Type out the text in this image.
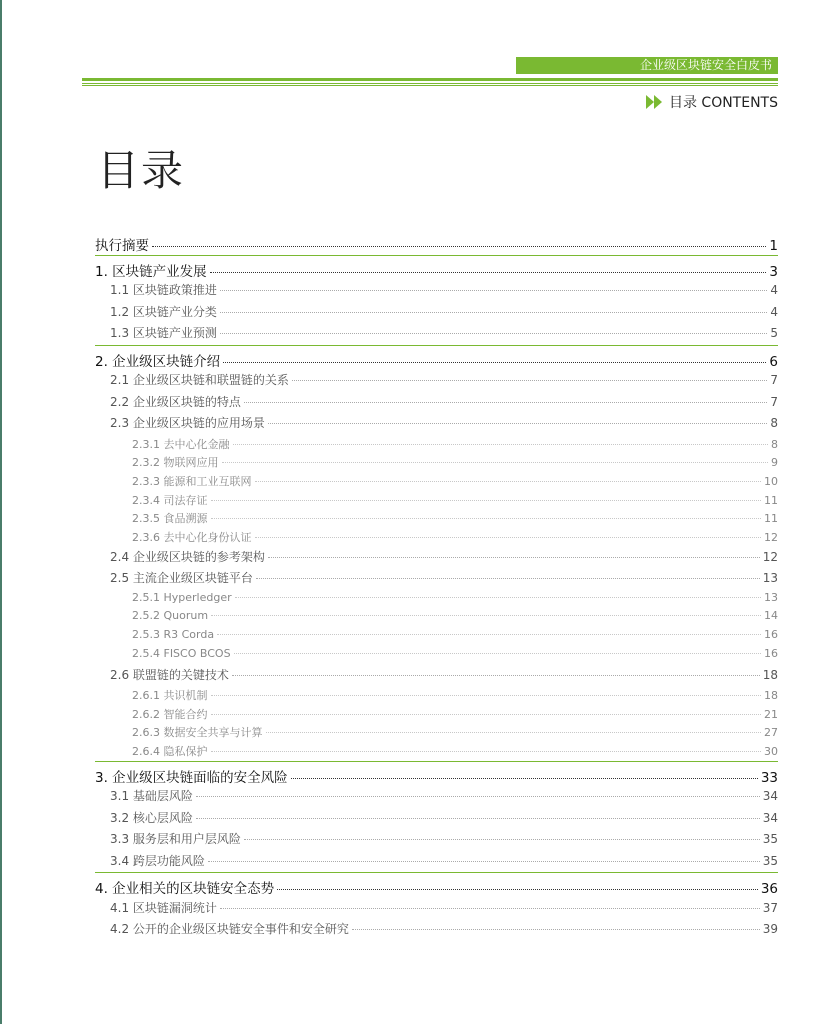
企业级区块链安全白皮书
目录 CONTENTS
目录
执行摘要	1
1. 区块链产业发展	3
1.1 区块链政策推进	4
1.2 区块链产业分类	4
1.3 区块链产业预测	5
2. 企业级区块链介绍	6
2.1 企业级区块链和联盟链的关系	7
2.2 企业级区块链的特点	7
2.3 企业级区块链的应用场景	8
2.3.1 去中心化金融	8
2.3.2 物联网应用	9
2.3.3 能源和工业互联网	10
2.3.4 司法存证	11
2.3.5 食品溯源	11
2.3.6 去中心化身份认证	12
2.4 企业级区块链的参考架构	12
2.5 主流企业级区块链平台	13
2.5.1 Hyperledger	13
2.5.2 Quorum	14
2.5.3 R3 Corda	16
2.5.4 FISCO BCOS	16
2.6 联盟链的关键技术	18
2.6.1 共识机制	18
2.6.2 智能合约	21
2.6.3 数据安全共享与计算	27
2.6.4 隐私保护	30
3. 企业级区块链面临的安全风险	33
3.1 基础层风险	34
3.2 核心层风险	34
3.3 服务层和用户层风险	35
3.4 跨层功能风险	35
4. 企业相关的区块链安全态势	36
4.1 区块链漏洞统计	37
4.2 公开的企业级区块链安全事件和安全研究	39
